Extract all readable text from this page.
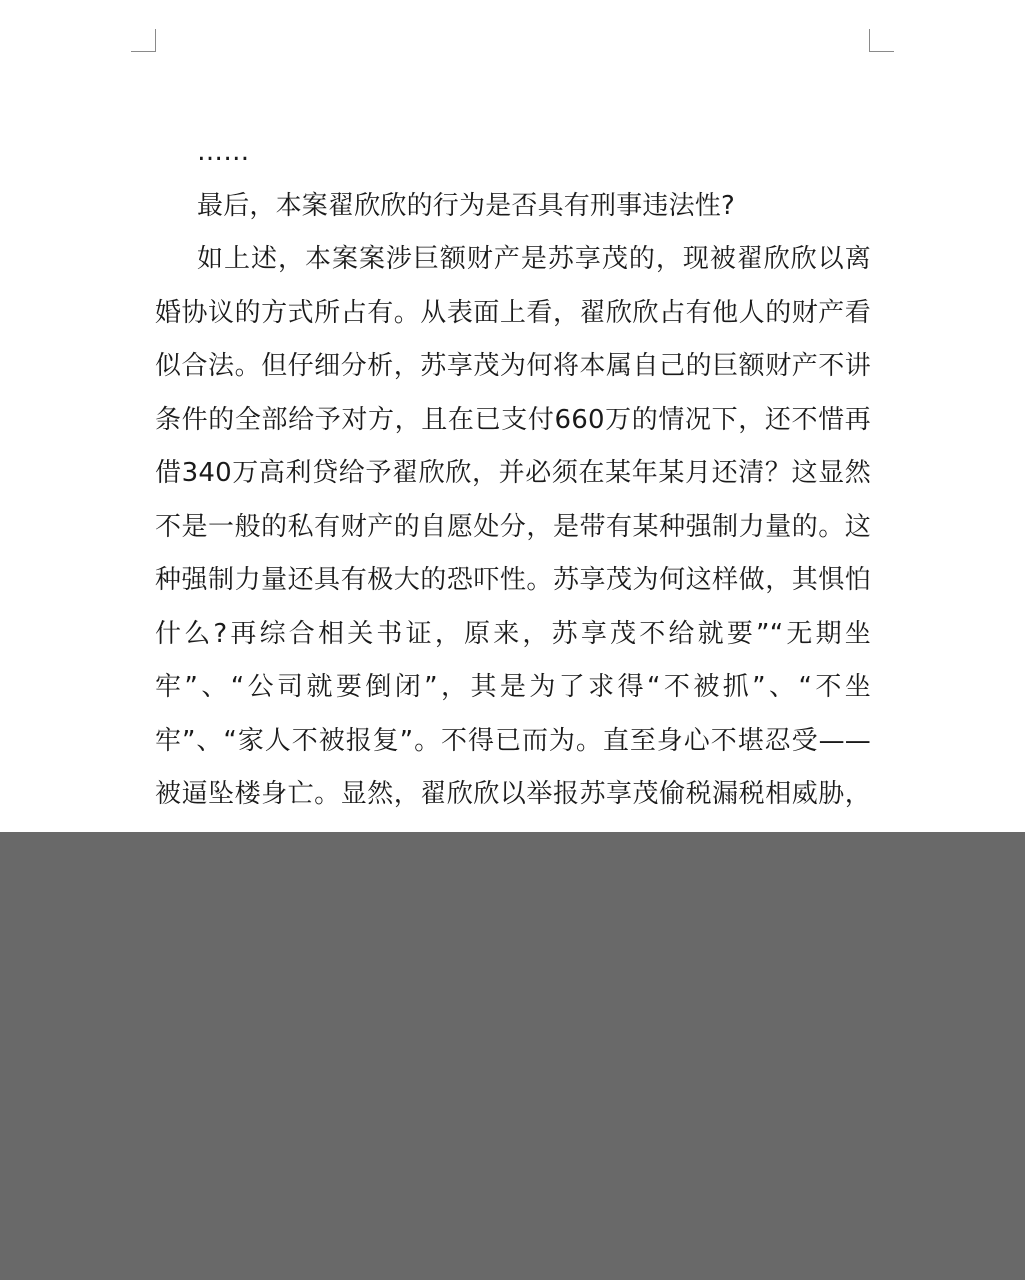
……

最后，本案翟欣欣的行为是否具有刑事违法性?

如上述，本案案涉巨额财产是苏享茂的，现被翟欣欣以离婚协议的方式所占有。从表面上看，翟欣欣占有他人的财产看似合法。但仔细分析，苏享茂为何将本属自己的巨额财产不讲条件的全部给予对方，且在已支付660万的情况下，还不惜再借340万高利贷给予翟欣欣，并必须在某年某月还清？这显然不是一般的私有财产的自愿处分，是带有某种强制力量的。这种强制力量还具有极大的恐吓性。苏享茂为何这样做，其惧怕什么?再综合相关书证，原来，苏享茂不给就要”“无期坐牢”、“公司就要倒闭”，其是为了求得“不被抓”、“不坐牢”、“家人不被报复”。不得已而为。直至身心不堪忍受——被逼坠楼身亡。显然，翟欣欣以举报苏享茂偷税漏税相威胁，
